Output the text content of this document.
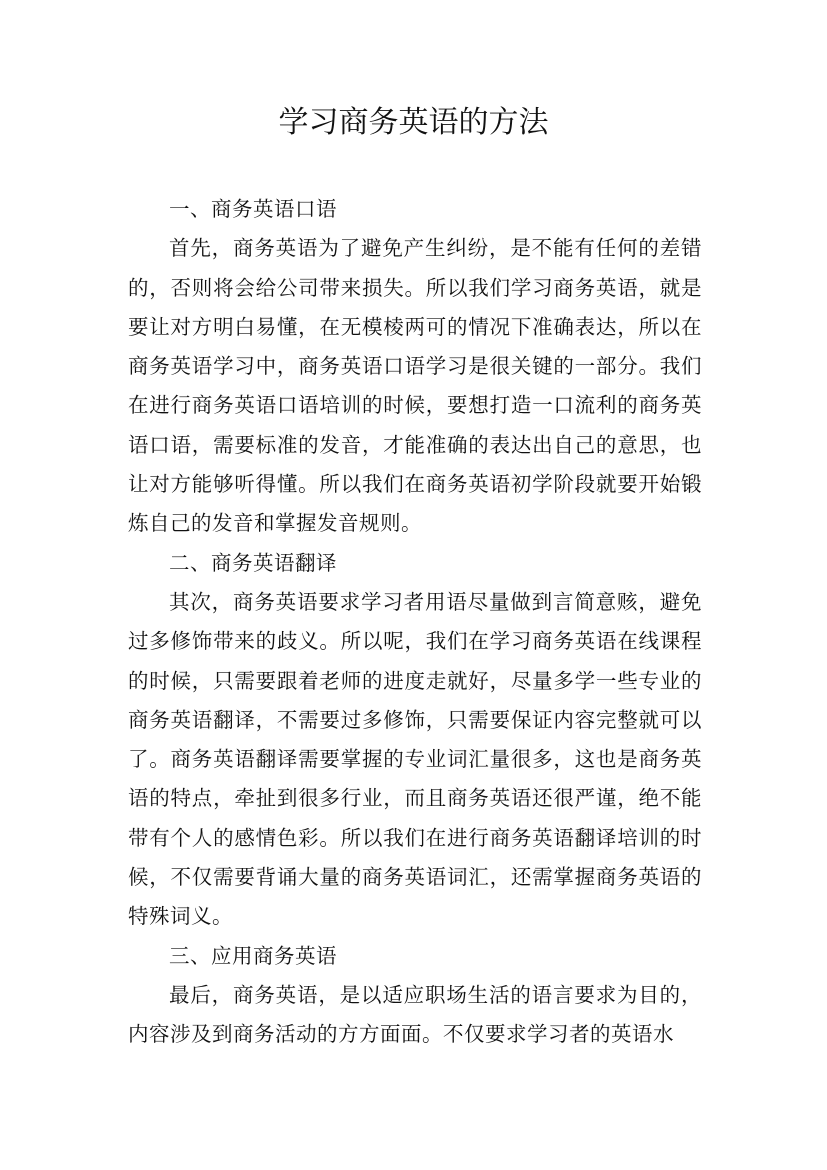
学习商务英语的方法

一、商务英语口语

首先，商务英语为了避免产生纠纷，是不能有任何的差错的，否则将会给公司带来损失。所以我们学习商务英语，就是要让对方明白易懂，在无模棱两可的情况下准确表达，所以在商务英语学习中，商务英语口语学习是很关键的一部分。我们在进行商务英语口语培训的时候，要想打造一口流利的商务英语口语，需要标准的发音，才能准确的表达出自己的意思，也让对方能够听得懂。所以我们在商务英语初学阶段就要开始锻炼自己的发音和掌握发音规则。

二、商务英语翻译

其次，商务英语要求学习者用语尽量做到言简意赅，避免过多修饰带来的歧义。所以呢，我们在学习商务英语在线课程的时候，只需要跟着老师的进度走就好，尽量多学一些专业的商务英语翻译，不需要过多修饰，只需要保证内容完整就可以了。商务英语翻译需要掌握的专业词汇量很多，这也是商务英语的特点，牵扯到很多行业，而且商务英语还很严谨，绝不能带有个人的感情色彩。所以我们在进行商务英语翻译培训的时候，不仅需要背诵大量的商务英语词汇，还需掌握商务英语的特殊词义。

三、应用商务英语

最后，商务英语，是以适应职场生活的语言要求为目的，内容涉及到商务活动的方方面面。不仅要求学习者的英语水
